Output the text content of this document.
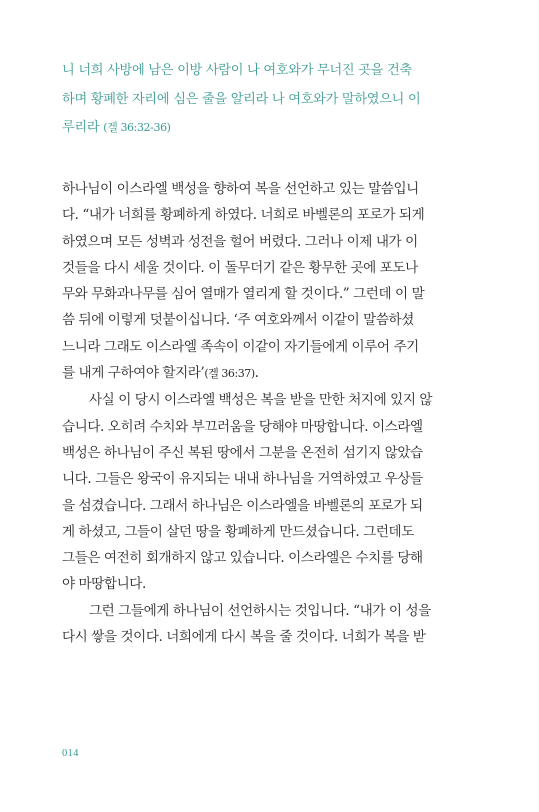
니 너희 사방에 남은 이방 사람이 나 여호와가 무너진 곳을 건축
하며 황폐한 자리에 심은 줄을 알리라 나 여호와가 말하였으니 이
루리라 (겔 36:32-36)
하나님이 이스라엘 백성을 향하여 복을 선언하고 있는 말씀입니
다. “내가 너희를 황폐하게 하였다. 너희로 바벨론의 포로가 되게
하였으며 모든 성벽과 성전을 헐어 버렸다. 그러나 이제 내가 이
것들을 다시 세울 것이다. 이 돌무더기 같은 황무한 곳에 포도나
무와 무화과나무를 심어 열매가 열리게 할 것이다.” 그런데 이 말
씀 뒤에 이렇게 덧붙이십니다. ‘주 여호와께서 이같이 말씀하셨
느니라 그래도 이스라엘 족속이 이같이 자기들에게 이루어 주기
를 내게 구하여야 할지라’(겔 36:37).
사실 이 당시 이스라엘 백성은 복을 받을 만한 처지에 있지 않
습니다. 오히려 수치와 부끄러움을 당해야 마땅합니다. 이스라엘
백성은 하나님이 주신 복된 땅에서 그분을 온전히 섬기지 않았습
니다. 그들은 왕국이 유지되는 내내 하나님을 거역하였고 우상들
을 섬겼습니다. 그래서 하나님은 이스라엘을 바벨론의 포로가 되
게 하셨고, 그들이 살던 땅을 황폐하게 만드셨습니다. 그런데도
그들은 여전히 회개하지 않고 있습니다. 이스라엘은 수치를 당해
야 마땅합니다.
그런 그들에게 하나님이 선언하시는 것입니다. “내가 이 성을
다시 쌓을 것이다. 너희에게 다시 복을 줄 것이다. 너희가 복을 받
014
